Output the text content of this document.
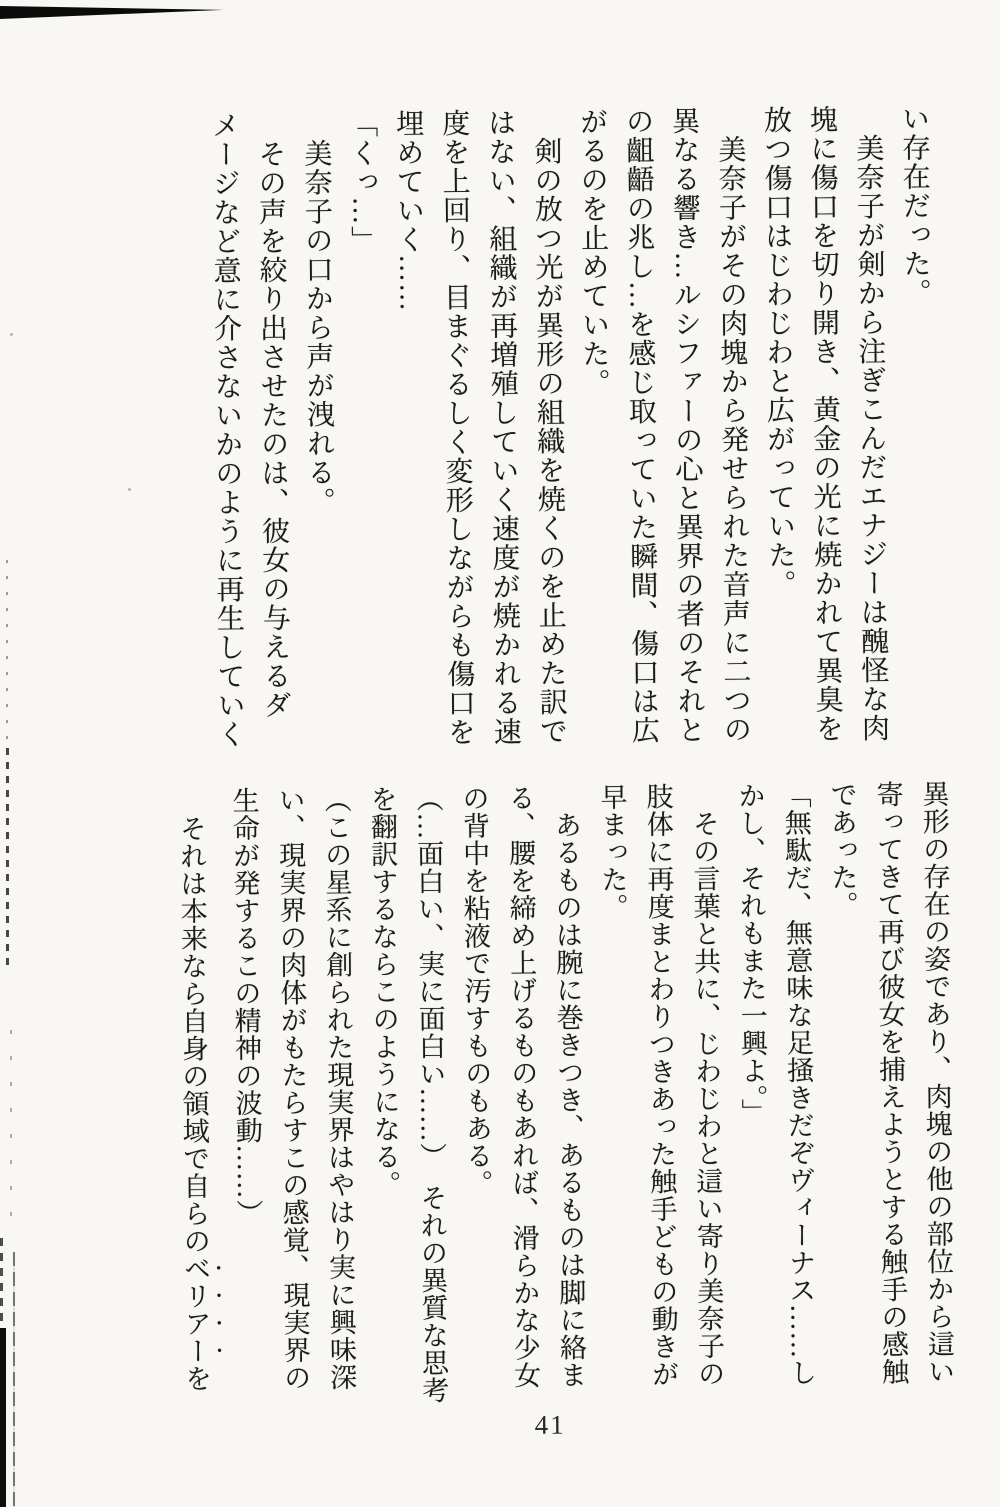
い存在だった。
　美奈子が剣から注ぎこんだエナジーは醜怪な肉
塊に傷口を切り開き、黄金の光に焼かれて異臭を
放つ傷口はじわじわと広がっていた。
　美奈子がその肉塊から発せられた音声に二つの
異なる響き…ルシファーの心と異界の者のそれと
の齟齬の兆し…を感じ取っていた瞬間、傷口は広
がるのを止めていた。
　剣の放つ光が異形の組織を焼くのを止めた訳で
はない、組織が再増殖していく速度が焼かれる速
度を上回り、目まぐるしく変形しながらも傷口を
埋めていく……
「くっ…」
　美奈子の口から声が洩れる。
　その声を絞り出させたのは、彼女の与えるダ
メージなど意に介さないかのように再生していく
異形の存在の姿であり、肉塊の他の部位から這い
寄ってきて再び彼女を捕えようとする触手の感触
であった。
「無駄だ、無意味な足掻きだぞヴィーナス……し
かし、それもまた一興よ。」
　その言葉と共に、じわじわと這い寄り美奈子の
肢体に再度まとわりつきあった触手どもの動きが
早まった。
　あるものは腕に巻きつき、あるものは脚に絡ま
る、腰を締め上げるものもあれば、滑らかな少女
の背中を粘液で汚すものもある。
（…面白い、実に面白い……）　それの異質な思考
を翻訳するならこのようになる。
（この星系に創られた現実界はやはり実に興味深
い、現実界の肉体がもたらすこの感覚、現実界の
生命が発するこの精神の波動……）
　それは本来なら自身の領域で自らのベリアーを
41
